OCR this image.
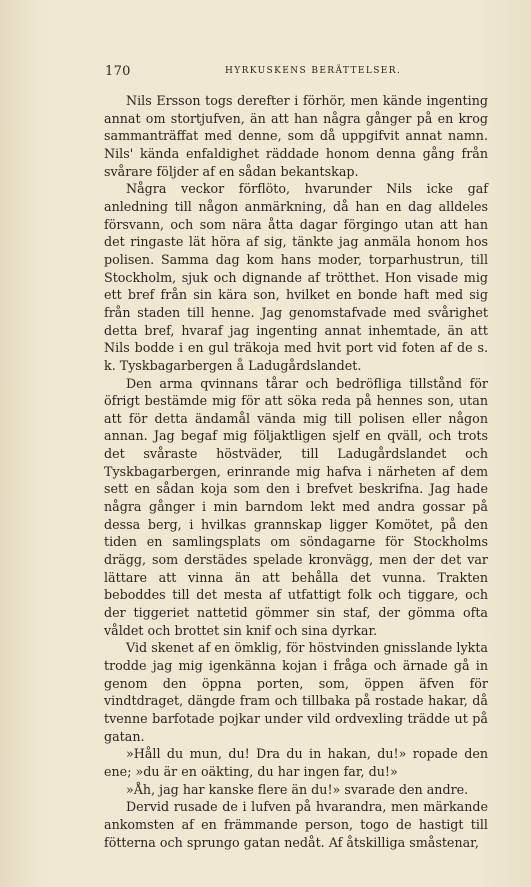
170	HYRKUSKENS BERÄTTELSER.

Nils Ersson togs derefter i förhör, men kände ingenting annat om stortjufven, än att han några gånger på en krog sammanträffat med denne, som då uppgifvit annat namn. Nils' kända enfaldighet räddade honom denna gång från svårare följder af en sådan bekantskap.

Några veckor förflöto, hvarunder Nils icke gaf anledning till någon anmärkning, då han en dag alldeles försvann, och som nära åtta dagar förgingo utan att han det ringaste lät höra af sig, tänkte jag anmäla honom hos polisen. Samma dag kom hans moder, torparhustrun, till Stockholm, sjuk och dignande af trötthet. Hon visade mig ett bref från sin kära son, hvilket en bonde haft med sig från staden till henne. Jag genomstafvade med svårighet detta bref, hvaraf jag ingenting annat inhemtade, än att Nils bodde i en gul träkoja med hvit port vid foten af de s. k. Tyskbagarbergen å Ladugårdslandet.

Den arma qvinnans tårar och bedröfliga tillstånd för öfrigt bestämde mig för att söka reda på hennes son, utan att för detta ändamål vända mig till polisen eller någon annan. Jag begaf mig följaktligen sjelf en qväll, och trots det svåraste höstväder, till Ladugårdslandet och Tyskbagarbergen, erinrande mig hafva i närheten af dem sett en sådan koja som den i brefvet beskrifna. Jag hade några gånger i min barndom lekt med andra gossar på dessa berg, i hvilkas grannskap ligger Komötet, på den tiden en samlingsplats om söndagarne för Stockholms drägg, som derstädes spelade kronvägg, men der det var lättare att vinna än att behålla det vunna. Trakten beboddes till det mesta af utfattigt folk och tiggare, och der tiggeriet nattetid gömmer sin staf, der gömma ofta våldet och brottet sin knif och sina dyrkar.

Vid skenet af en ömklig, för höstvinden gnisslande lykta trodde jag mig igenkänna kojan i fråga och ärnade gå in genom den öppna porten, som, öppen äfven för vindtdraget, dängde fram och tillbaka på rostade hakar, då tvenne barfotade pojkar under vild ordvexling trädde ut på gatan.

»Håll du mun, du! Dra du in hakan, du!» ropade den ene; »du är en oäkting, du har ingen far, du!»

»Åh, jag har kanske flere än du!» svarade den andre.

Dervid rusade de i lufven på hvarandra, men märkande ankomsten af en främmande person, togo de hastigt till fötterna och sprungo gatan nedåt. Af åtskilliga småstenar,
